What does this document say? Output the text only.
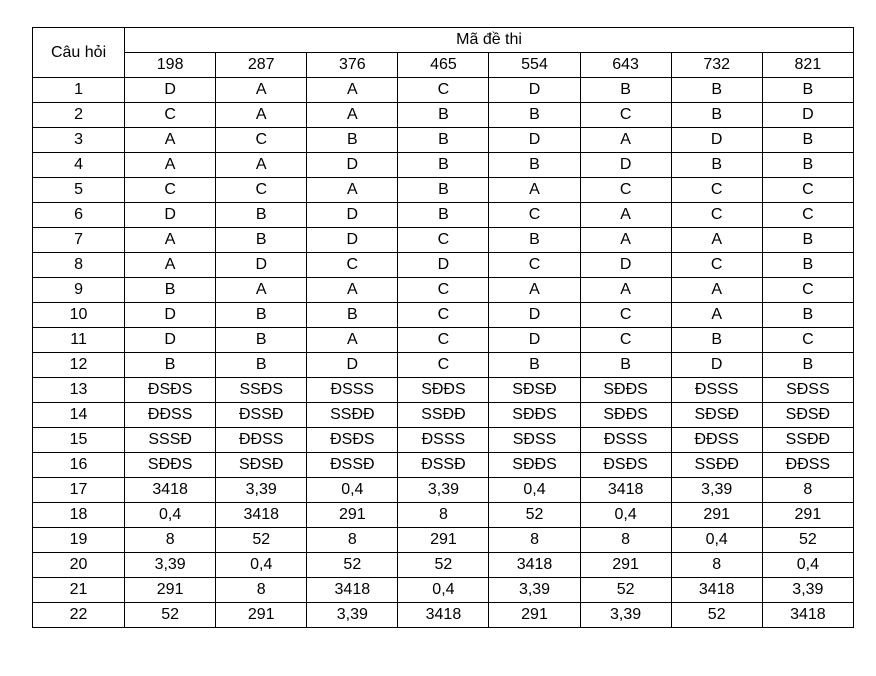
Câu hỏi	Mã đề thi							
	198	287	376	465	554	643	732	821
1	D	A	A	C	D	B	B	B
2	C	A	A	B	B	C	B	D
3	A	C	B	B	D	A	D	B
4	A	A	D	B	B	D	B	B
5	C	C	A	B	A	C	C	C
6	D	B	D	B	C	A	C	C
7	A	B	D	C	B	A	A	B
8	A	D	C	D	C	D	C	B
9	B	A	A	C	A	A	A	C
10	D	B	B	C	D	C	A	B
11	D	B	A	C	D	C	B	C
12	B	B	D	C	B	B	D	B
13	ĐSĐS	SSĐS	ĐSSS	SĐĐS	SĐSĐ	SĐĐS	ĐSSS	SĐSS
14	ĐĐSS	ĐSSĐ	SSĐĐ	SSĐĐ	SĐĐS	SĐĐS	SĐSĐ	SĐSĐ
15	SSSĐ	ĐĐSS	ĐSĐS	ĐSSS	SĐSS	ĐSSS	ĐĐSS	SSĐĐ
16	SĐĐS	SĐSĐ	ĐSSĐ	ĐSSĐ	SĐĐS	ĐSĐS	SSĐĐ	ĐĐSS
17	3418	3,39	0,4	3,39	0,4	3418	3,39	8
18	0,4	3418	291	8	52	0,4	291	291
19	8	52	8	291	8	8	0,4	52
20	3,39	0,4	52	52	3418	291	8	0,4
21	291	8	3418	0,4	3,39	52	3418	3,39
22	52	291	3,39	3418	291	3,39	52	3418
